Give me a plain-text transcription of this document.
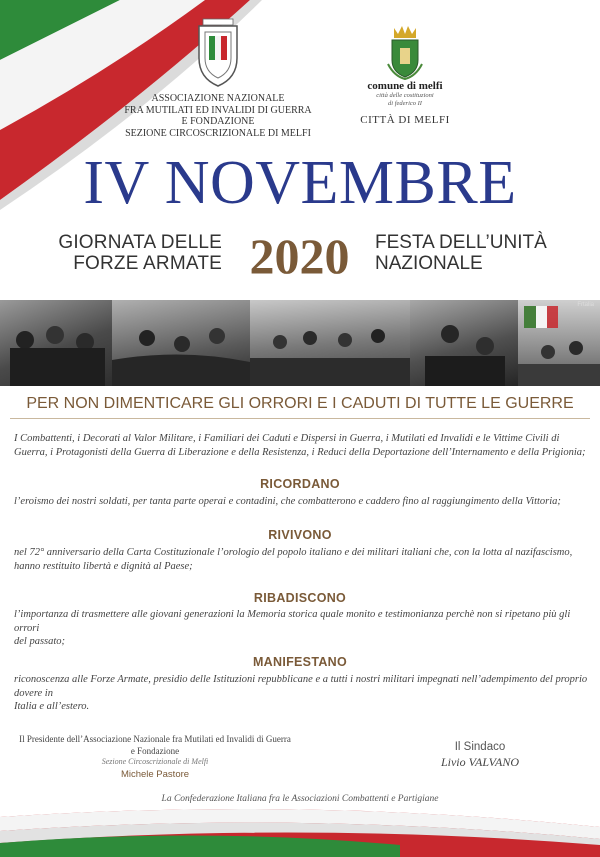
ASSOCIAZIONE NAZIONALE
FRA MUTILATI ED INVALIDI DI GUERRA
E FONDAZIONE
SEZIONE CIRCOSCRIZIONALE DI MELFI
comune di melfi
città delle costituzioni
di federico II
CITTÀ DI MELFI
IV NOVEMBRE
GIORNATA DELLE
FORZE ARMATE 2020	FESTA DELL’UNITÀ
NAZIONALE
Frtalia
PER NON DIMENTICARE GLI ORRORI E I CADUTI DI TUTTE LE GUERRE
I Combattenti, i Decorati al Valor Militare, i Familiari dei Caduti e Dispersi in Guerra, i Mutilati ed Invalidi e le Vittime Civili di Guerra, i Protagonisti della Guerra di Liberazione e della Resistenza, i Reduci della Deportazione dell’Internamento e della Prigionia;
RICORDANO
l’eroismo dei nostri soldati, per tanta parte operai e contadini, che combatterono e caddero fino al raggiungimento della Vittoria;
RIVIVONO
nel 72° anniversario della Carta Costituzionale l’orologio del popolo italiano e dei militari italiani che, con la lotta al nazifascismo,
hanno restituito libertà e dignità al Paese;
RIBADISCONO
l’importanza di trasmettere alle giovani generazioni la Memoria storica quale monito e testimonianza perchè non si ripetano più gli orrori
del passato;
MANIFESTANO
riconoscenza alle Forze Armate, presidio delle Istituzioni repubblicane e a tutti i nostri militari impegnati nell’adempimento del proprio dovere in
Italia e all’estero.
Il Presidente dell’Associazione Nazionale fra Mutilati ed Invalidi di Guerra
e Fondazione
Sezione Circoscrizionale di Melfi
Michele Pastore
Il Sindaco
Livio VALVANO
La Confederazione Italiana fra le Associazioni Combattenti e Partigiane
